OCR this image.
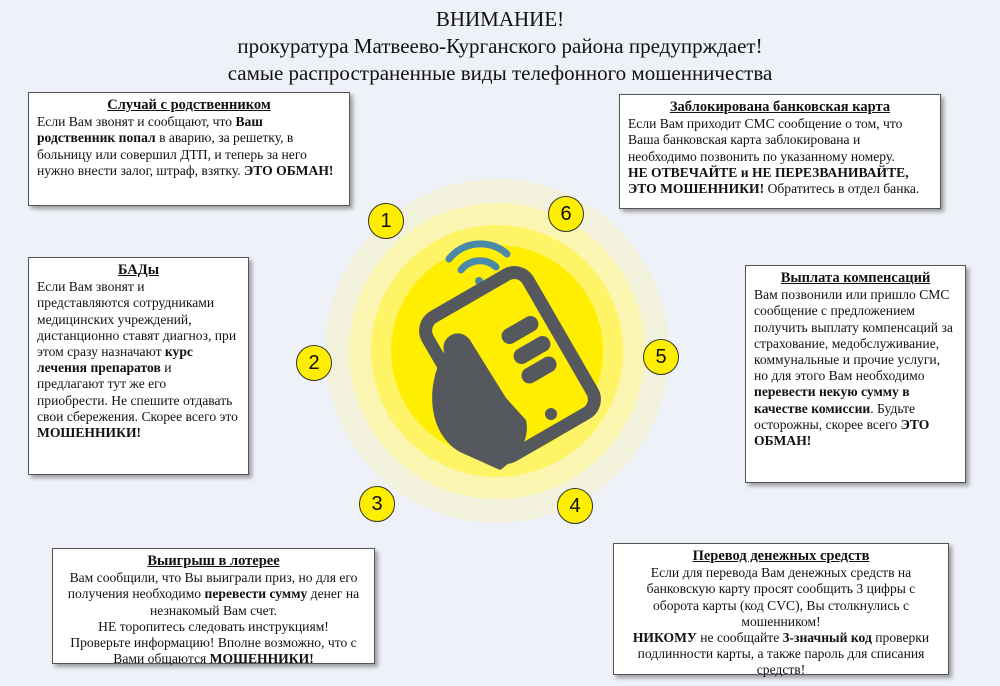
ВНИМАНИЕ!
прокуратура Матвеево-Курганского района предупрждает!
самые распространенные виды телефонного мошенничества
1
2
3	4
5
6
Случай с родственником
Если Вам звонят и сообщают, что Ваш родственник попал в аварию, за решетку, в больницу или совершил ДТП, и теперь за него нужно внести залог, штраф, взятку. ЭТО ОБМАН!
БАДы
Если Вам звонят и представляются сотрудниками медицинских учреждений, дистанционно ставят диагноз, при этом сразу назначают курс лечения препаратов и предлагают тут же его приобрести. Не спешите отдавать свои сбережения. Скорее всего это МОШЕННИКИ!
Выигрыш в лотерее
Вам сообщили, что Вы выиграли приз, но для его получения необходимо перевести сумму денег на незнакомый Вам счет.
НЕ торопитесь следовать инструкциям!
Проверьте информацию! Вполне возможно, что с Вами общаются МОШЕННИКИ!
Заблокирована банковская карта
Если Вам приходит СМС сообщение о том, что Ваша банковская карта заблокирована и необходимо позвонить по указанному номеру.
НЕ ОТВЕЧАЙТЕ и НЕ ПЕРЕЗВАНИВАЙТЕ, ЭТО МОШЕННИКИ! Обратитесь в отдел банка.
Выплата компенсаций
Вам позвонили или пришло СМС сообщение с предложением получить выплату компенсаций за страхование, медобслуживание, коммунальные и прочие услуги, но для этого Вам необходимо перевести некую сумму в качестве комиссии. Будьте осторожны, скорее всего ЭТО ОБМАН!
Перевод денежных средств
Если для перевода Вам денежных средств на банковскую карту просят сообщить 3 цифры с оборота карты (код CVC), Вы столкнулись с мошенником!
НИКОМУ не сообщайте 3-значный код проверки подлинности карты, а также пароль для списания средств!
